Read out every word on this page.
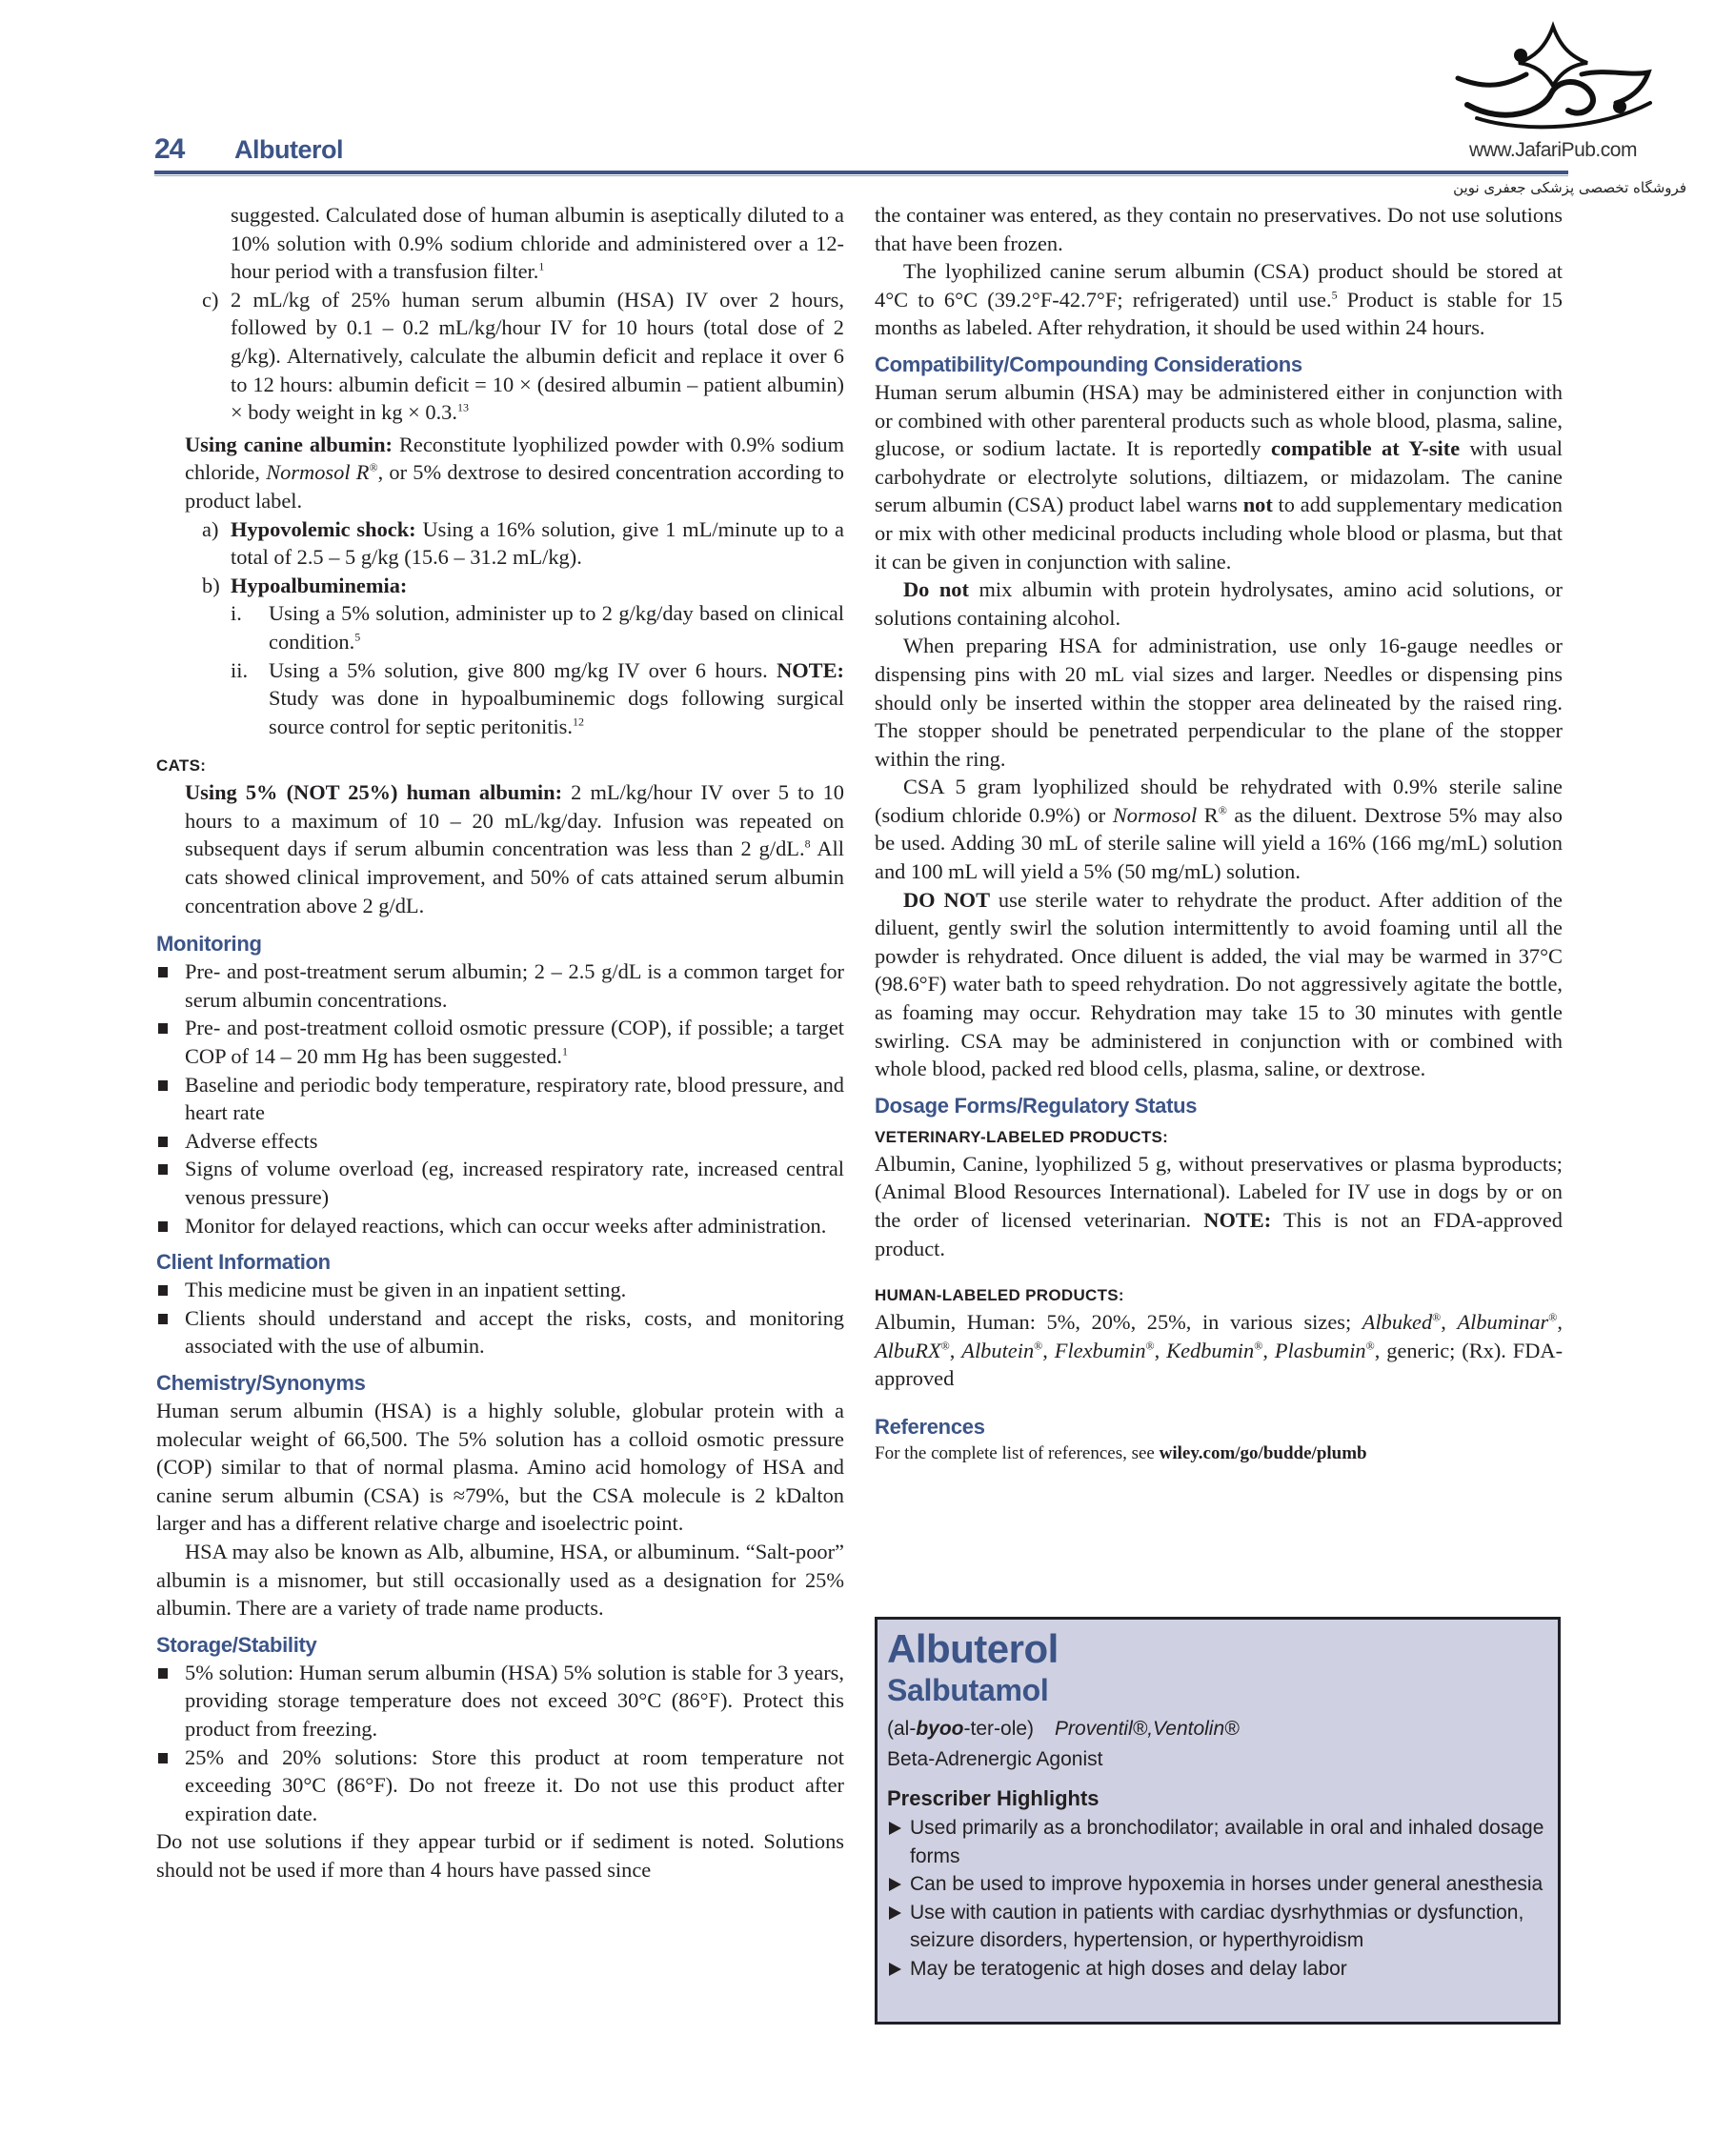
www.JafariPub.com
فروشگاه تخصصی پزشکی جعفری نوین
24 Albuterol

suggested. Calculated dose of human albumin is aseptically diluted to a 10% solution with 0.9% sodium chloride and administered over a 12-hour period with a transfusion filter.$^1$

c) 2 mL/kg of 25% human serum albumin (HSA) IV over 2 hours, followed by 0.1 – 0.2 mL/kg/hour IV for 10 hours (total dose of 2 g/kg). Alternatively, calculate the albumin deficit and replace it over 6 to 12 hours: albumin deficit = 10 × (desired albumin – patient albumin) × body weight in kg × 0.3.13

Using canine albumin: Reconstitute lyophilized powder with 0.9% sodium chloride, Normosol R®, or 5% dextrose to desired concentration according to product label.

a) Hypovolemic shock: Using a 16% solution, give 1 mL/minute up to a total of 2.5 – 5 g/kg (15.6 – 31.2 mL/kg).

b) Hypoalbuminemia:

i. Using a 5% solution, administer up to 2 g/kg/day based on clinical condition.$^5$

ii. Using a 5% solution, give 800 mg/kg IV over 6 hours. NOTE: Study was done in hypoalbuminemic dogs following surgical source control for septic peritonitis.$^{12}$

CATS:

Using 5% (NOT 25%) human albumin: 2 mL/kg/hour IV over 5 to 10 hours to a maximum of 10 – 20 mL/kg/day. Infusion was repeated on subsequent days if serum albumin concentration was less than 2 g/dL.$^8$ All cats showed clinical improvement, and 50% of cats attained serum albumin concentration above 2 g/dL.

Monitoring
Pre- and post-treatment serum albumin; 2 – 2.5 g/dL is a common target for serum albumin concentrations.
Pre- and post-treatment colloid osmotic pressure (COP), if possible; a target COP of 14 – 20 mm Hg has been suggested.$^1$
Baseline and periodic body temperature, respiratory rate, blood pressure, and heart rate
Adverse effects
Signs of volume overload (eg, increased respiratory rate, increased central venous pressure)
Monitor for delayed reactions, which can occur weeks after administration.
Client Information
This medicine must be given in an inpatient setting.
Clients should understand and accept the risks, costs, and monitoring associated with the use of albumin.
Chemistry/Synonyms

Human serum albumin (HSA) is a highly soluble, globular protein with a molecular weight of 66,500. The 5% solution has a colloid osmotic pressure (COP) similar to that of normal plasma. Amino acid homology of HSA and canine serum albumin (CSA) is ≈79%, but the CSA molecule is 2 kDalton larger and has a different relative charge and isoelectric point.

HSA may also be known as Alb, albumine, HSA, or albuminum. “Salt-poor” albumin is a misnomer, but still occasionally used as a designation for 25% albumin. There are a variety of trade name products.

Storage/Stability
5% solution: Human serum albumin (HSA) 5% solution is stable for 3 years, providing storage temperature does not exceed 30°C (86°F). Protect this product from freezing.
25% and 20% solutions: Store this product at room temperature not exceeding 30°C (86°F). Do not freeze it. Do not use this product after expiration date.

Do not use solutions if they appear turbid or if sediment is noted. Solutions should not be used if more than 4 hours have passed since

the container was entered, as they contain no preservatives. Do not use solutions that have been frozen.

The lyophilized canine serum albumin (CSA) product should be stored at 4°C to 6°C (39.2°F-42.7°F; refrigerated) until use.$^5$ Product is stable for 15 months as labeled. After rehydration, it should be used within 24 hours.

Compatibility/Compounding Considerations

Human serum albumin (HSA) may be administered either in conjunction with or combined with other parenteral products such as whole blood, plasma, saline, glucose, or sodium lactate. It is reportedly compatible at Y-site with usual carbohydrate or electrolyte solutions, diltiazem, or midazolam. The canine serum albumin (CSA) product label warns not to add supplementary medication or mix with other medicinal products including whole blood or plasma, but that it can be given in conjunction with saline.

Do not mix albumin with protein hydrolysates, amino acid solutions, or solutions containing alcohol.

When preparing HSA for administration, use only 16-gauge needles or dispensing pins with 20 mL vial sizes and larger. Needles or dispensing pins should only be inserted within the stopper area delineated by the raised ring. The stopper should be penetrated perpendicular to the plane of the stopper within the ring.

CSA 5 gram lyophilized should be rehydrated with 0.9% sterile saline (sodium chloride 0.9%) or Normosol R® as the diluent. Dextrose 5% may also be used. Adding 30 mL of sterile saline will yield a 16% (166 mg/mL) solution and 100 mL will yield a 5% (50 mg/mL) solution.

DO NOT use sterile water to rehydrate the product. After addition of the diluent, gently swirl the solution intermittently to avoid foaming until all the powder is rehydrated. Once diluent is added, the vial may be warmed in 37°C (98.6°F) water bath to speed rehydration. Do not aggressively agitate the bottle, as foaming may occur. Rehydration may take 15 to 30 minutes with gentle swirling. CSA may be administered in conjunction with or combined with whole blood, packed red blood cells, plasma, saline, or dextrose.

Dosage Forms/Regulatory Status
VETERINARY-LABELED PRODUCTS:

Albumin, Canine, lyophilized 5 g, without preservatives or plasma byproducts; (Animal Blood Resources International). Labeled for IV use in dogs by or on the order of licensed veterinarian. NOTE: This is not an FDA-approved product.

HUMAN-LABELED PRODUCTS:

Albumin, Human: 5%, 20%, 25%, in various sizes; Albuked®, Albuminar®, AlbuRX®, Albutein®, Flexbumin®, Kedbumin®, Plasbumin®, generic; (Rx). FDA-approved

References

For the complete list of references, see wiley.com/go/budde/plumb

Albuterol
Salbutamol
(al-byoo-ter-ole) Proventil®,Ventolin®
Beta-Adrenergic Agonist
Prescriber Highlights
Used primarily as a bronchodilator; available in oral and inhaled dosage forms
Can be used to improve hypoxemia in horses under general anesthesia
Use with caution in patients with cardiac dysrhythmias or dysfunction, seizure disorders, hypertension, or hyperthyroidism
May be teratogenic at high doses and delay labor
